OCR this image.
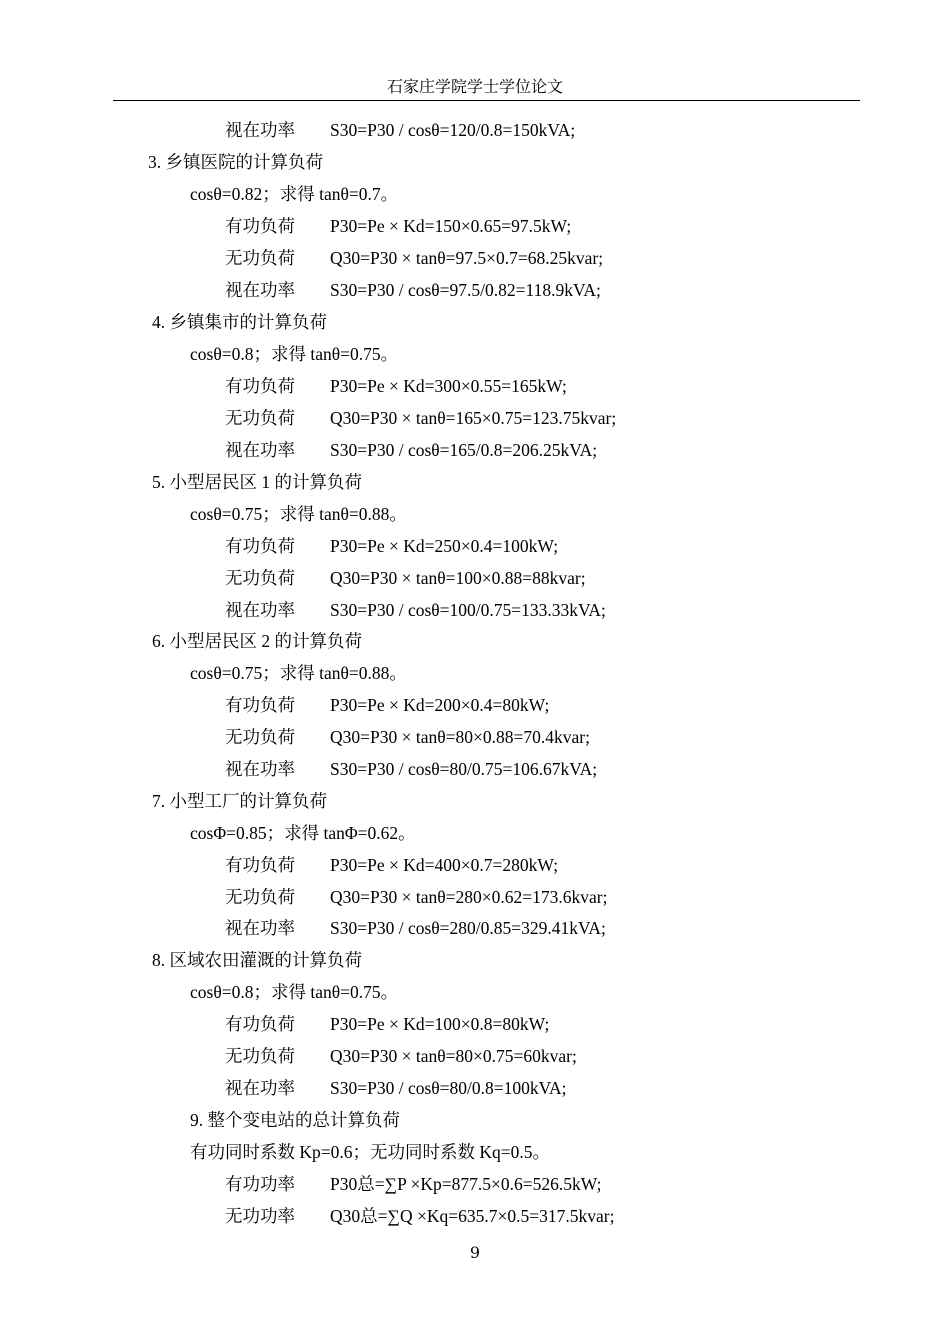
石家庄学院学士学位论文
视在功率 S30=P30 / cosθ=120/0.8=150kVA;
3. 乡镇医院的计算负荷
cosθ=0.82；求得 tanθ=0.7。
有功负荷 P30=Pe × Kd=150×0.65=97.5kW;
无功负荷 Q30=P30 × tanθ=97.5×0.7=68.25kvar;
视在功率 S30=P30 / cosθ=97.5/0.82=118.9kVA;
4. 乡镇集市的计算负荷
cosθ=0.8；求得 tanθ=0.75。
有功负荷 P30=Pe × Kd=300×0.55=165kW;
无功负荷 Q30=P30 × tanθ=165×0.75=123.75kvar;
视在功率 S30=P30 / cosθ=165/0.8=206.25kVA;
5. 小型居民区 1 的计算负荷
cosθ=0.75；求得 tanθ=0.88。
有功负荷 P30=Pe × Kd=250×0.4=100kW;
无功负荷 Q30=P30 × tanθ=100×0.88=88kvar;
视在功率 S30=P30 / cosθ=100/0.75=133.33kVA;
6. 小型居民区 2 的计算负荷
cosθ=0.75；求得 tanθ=0.88。
有功负荷 P30=Pe × Kd=200×0.4=80kW;
无功负荷 Q30=P30 × tanθ=80×0.88=70.4kvar;
视在功率 S30=P30 / cosθ=80/0.75=106.67kVA;
7. 小型工厂的计算负荷
cosΦ=0.85；求得 tanΦ=0.62。
有功负荷 P30=Pe × Kd=400×0.7=280kW;
无功负荷 Q30=P30 × tanθ=280×0.62=173.6kvar;
视在功率 S30=P30 / cosθ=280/0.85=329.41kVA;
8. 区域农田灌溉的计算负荷
cosθ=0.8；求得 tanθ=0.75。
有功负荷 P30=Pe × Kd=100×0.8=80kW;
无功负荷 Q30=P30 × tanθ=80×0.75=60kvar;
视在功率 S30=P30 / cosθ=80/0.8=100kVA;
9. 整个变电站的总计算负荷
有功同时系数 Kp=0.6；无功同时系数 Kq=0.5。
有功功率 P30总=∑P ×Kp=877.5×0.6=526.5kW;
无功功率 Q30总=∑Q ×Kq=635.7×0.5=317.5kvar;
9
